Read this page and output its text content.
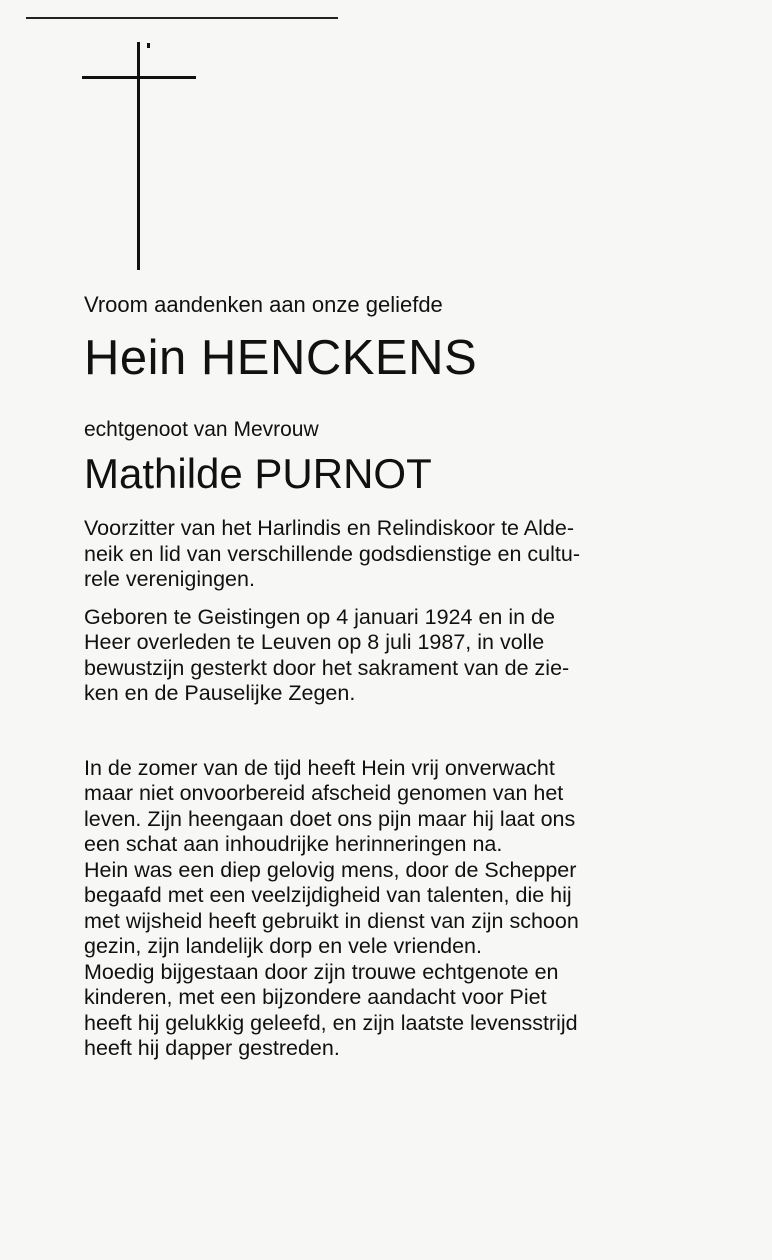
Vroom aandenken aan onze geliefde

Hein HENCKENS

echtgenoot van Mevrouw

Mathilde PURNOT

Voorzitter van het Harlindis en Relindiskoor te Alde-
neik en lid van verschillende godsdienstige en cultu-
rele verenigingen.

Geboren te Geistingen op 4 januari 1924 en in de
Heer overleden te Leuven op 8 juli 1987, in volle
bewustzijn gesterkt door het sakrament van de zie-
ken en de Pauselijke Zegen.

In de zomer van de tijd heeft Hein vrij onverwacht
maar niet onvoorbereid afscheid genomen van het
leven. Zijn heengaan doet ons pijn maar hij laat ons
een schat aan inhoudrijke herinneringen na.
Hein was een diep gelovig mens, door de Schepper
begaafd met een veelzijdigheid van talenten, die hij
met wijsheid heeft gebruikt in dienst van zijn schoon
gezin, zijn landelijk dorp en vele vrienden.
Moedig bijgestaan door zijn trouwe echtgenote en
kinderen, met een bijzondere aandacht voor Piet
heeft hij gelukkig geleefd, en zijn laatste levensstrijd
heeft hij dapper gestreden.
